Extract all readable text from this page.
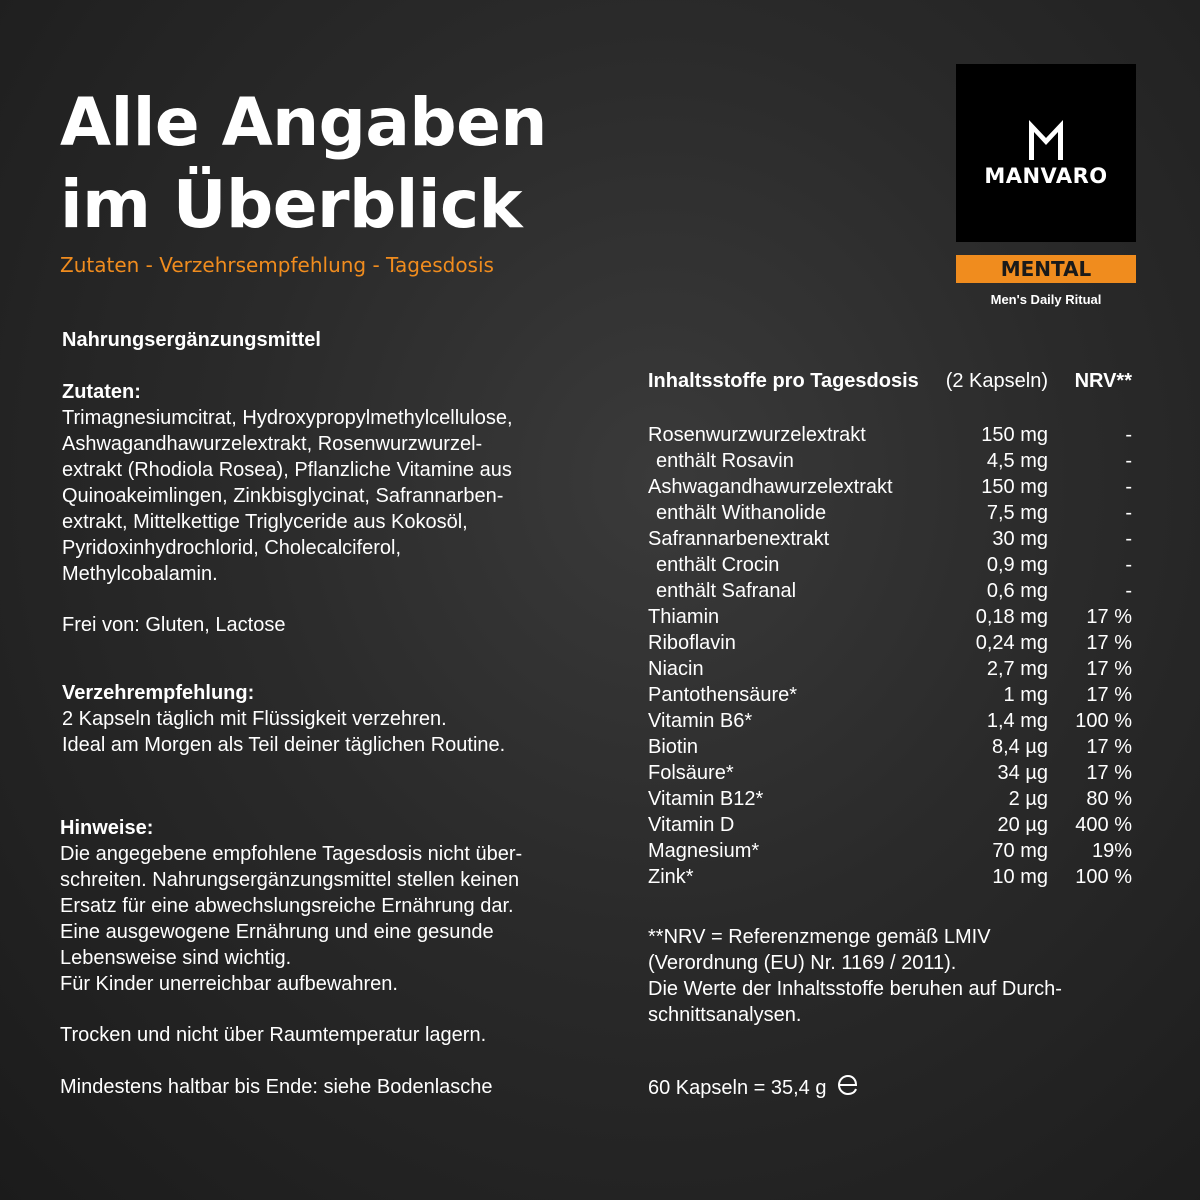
Alle Angaben
im Überblick
Zutaten - Verzehrsempfehlung - Tagesdosis
MANVARO
MENTAL
Men's Daily Ritual
Nahrungsergänzungsmittel
Zutaten:
Trimagnesiumcitrat, Hydroxypropylmethylcellulose,
Ashwagandhawurzelextrakt, Rosenwurzwurzel-
extrakt (Rhodiola Rosea), Pflanzliche Vitamine aus
Quinoakeimlingen, Zinkbisglycinat, Safrannarben-
extrakt, Mittelkettige Triglyceride aus Kokosöl,
Pyridoxinhydrochlorid, Cholecalciferol,
Methylcobalamin.
Frei von: Gluten, Lactose
Verzehrempfehlung:
2 Kapseln täglich mit Flüssigkeit verzehren.
Ideal am Morgen als Teil deiner täglichen Routine.
Hinweise:
Die angegebene empfohlene Tagesdosis nicht über-
schreiten. Nahrungsergänzungsmittel stellen keinen
Ersatz für eine abwechslungsreiche Ernährung dar.
Eine ausgewogene Ernährung und eine gesunde
Lebensweise sind wichtig.
Für Kinder unerreichbar aufbewahren.
Trocken und nicht über Raumtemperatur lagern.
Mindestens haltbar bis Ende: siehe Bodenlasche
Inhaltsstoffe pro Tagesdosis (2 Kapseln) NRV**
Rosenwurzwurzelextrakt	150 mg	-
enthält Rosavin	4,5 mg	-
Ashwagandhawurzelextrakt	150 mg	-
enthält Withanolide	7,5 mg	-
Safrannarbenextrakt	30 mg	-
enthält Crocin	0,9 mg	-
enthält Safranal	0,6 mg	-
Thiamin	0,18 mg 17 %
Riboflavin	0,24 mg 17 %
Niacin	2,7 mg 17 %
Pantothensäure*	1 mg 17 %
Vitamin B6*	1,4 mg 100 %
Biotin	8,4 µg 17 %
Folsäure*	34 µg 17 %
Vitamin B12*	2 µg 80 %
Vitamin D	20 µg 400 %
Magnesium*	70 mg 19%
Zink*	10 mg 100 %
**NRV = Referenzmenge gemäß LMIV
(Verordnung (EU) Nr. 1169 / 2011).
Die Werte der Inhaltsstoffe beruhen auf Durch-
schnittsanalysen.
60 Kapseln = 35,4 g
